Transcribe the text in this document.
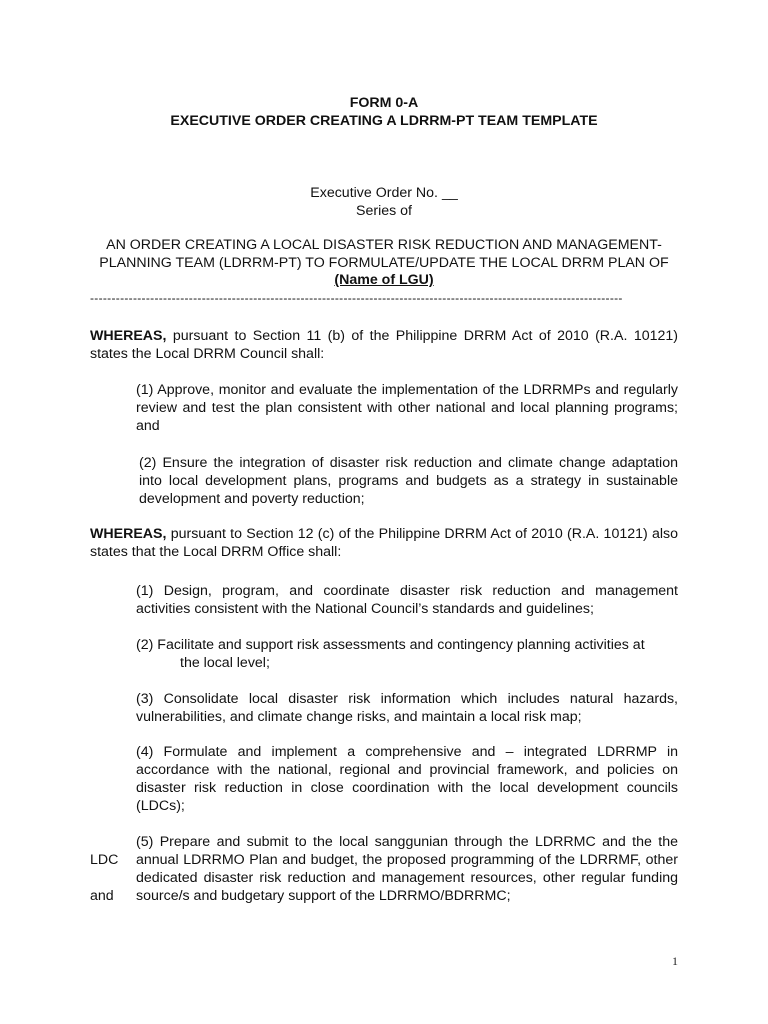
FORM 0-A
EXECUTIVE ORDER CREATING A LDRRM-PT TEAM TEMPLATE
Executive Order No. __
Series of
AN ORDER CREATING A LOCAL DISASTER RISK REDUCTION AND MANAGEMENT- PLANNING TEAM (LDRRM-PT) TO FORMULATE/UPDATE THE LOCAL DRRM PLAN OF (Name of LGU)
----------------------------------------------------------------------------------------------------------------------------
WHEREAS, pursuant to Section 11 (b) of the Philippine DRRM Act of 2010 (R.A. 10121) states the Local DRRM Council shall:
(1) Approve, monitor and evaluate the implementation of the LDRRMPs and regularly review and test the plan consistent with other national and local planning programs; and
(2) Ensure the integration of disaster risk reduction and climate change adaptation into local development plans, programs and budgets as a strategy in sustainable development and poverty reduction;
WHEREAS, pursuant to Section 12 (c) of the Philippine DRRM Act of 2010 (R.A. 10121) also states that the Local DRRM Office shall:
(1) Design, program, and coordinate disaster risk reduction and management activities consistent with the National Council’s standards and guidelines;
(2) Facilitate and support risk assessments and contingency planning activities at
the local level;
(3) Consolidate local disaster risk information which includes natural hazards, vulnerabilities, and climate change risks, and maintain a local risk map;
(4) Formulate and implement a comprehensive and – integrated LDRRMP in accordance with the national, regional and provincial framework, and policies on disaster risk reduction in close coordination with the local development councils (LDCs);
(5) Prepare and submit to the local sanggunian through the LDRRMC and the the annual LDRRMO Plan and budget, the proposed programming of the LDRRMF, other dedicated disaster risk reduction and management resources, other regular funding source/s and budgetary support of the LDRRMO/BDRRMC;
LDC
and
1
